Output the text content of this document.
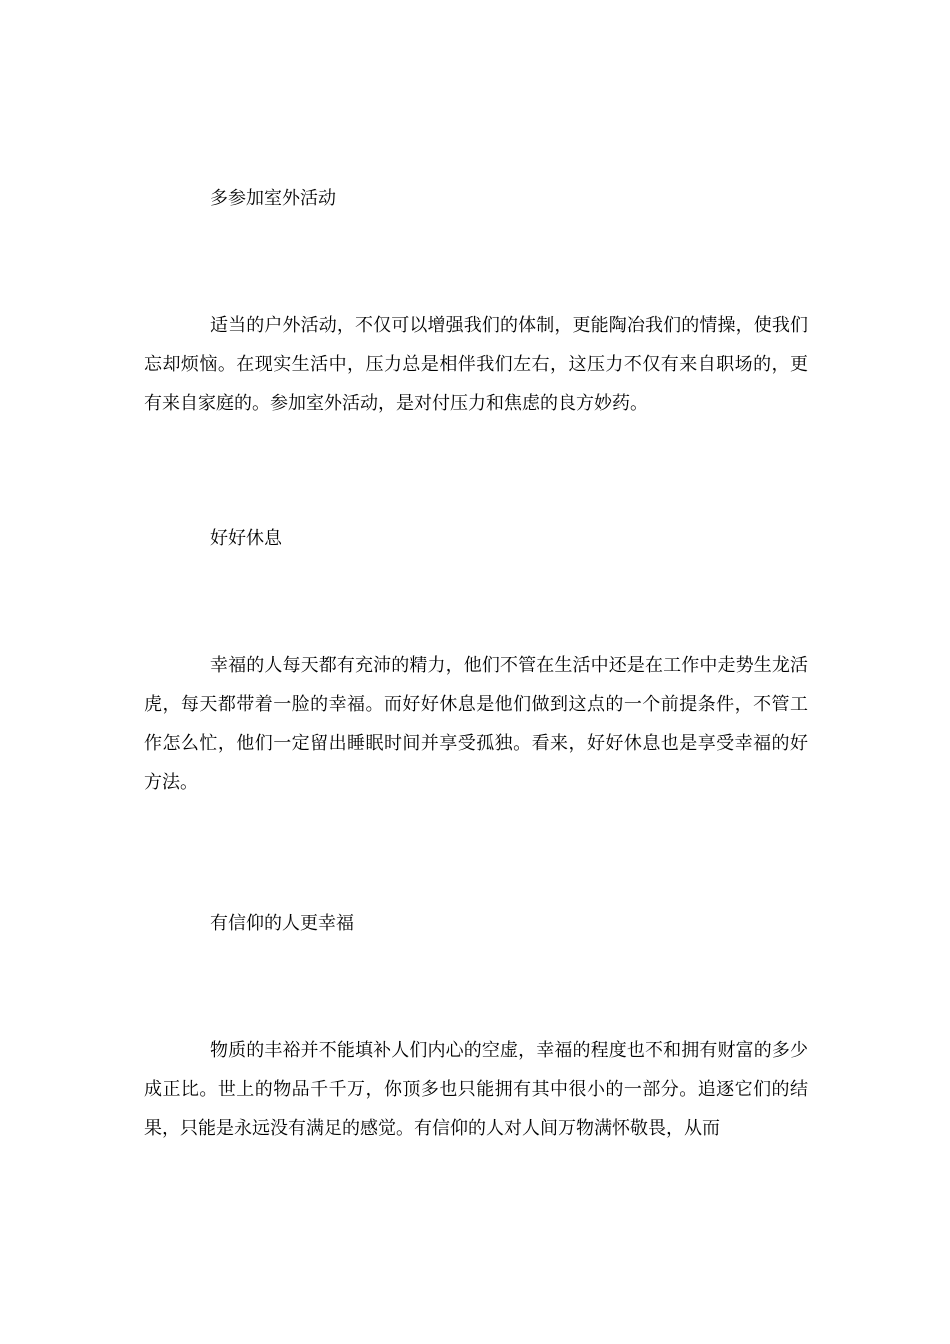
多参加室外活动
适当的户外活动，不仅可以增强我们的体制，更能陶冶我们的情操，使我们忘却烦恼。在现实生活中，压力总是相伴我们左右，这压力不仅有来自职场的，更有来自家庭的。参加室外活动，是对付压力和焦虑的良方妙药。
好好休息
幸福的人每天都有充沛的精力，他们不管在生活中还是在工作中走势生龙活虎，每天都带着一脸的幸福。而好好休息是他们做到这点的一个前提条件，不管工作怎么忙，他们一定留出睡眠时间并享受孤独。看来，好好休息也是享受幸福的好方法。
有信仰的人更幸福
物质的丰裕并不能填补人们内心的空虚，幸福的程度也不和拥有财富的多少成正比。世上的物品千千万，你顶多也只能拥有其中很小的一部分。追逐它们的结果，只能是永远没有满足的感觉。有信仰的人对人间万物满怀敬畏，从而
